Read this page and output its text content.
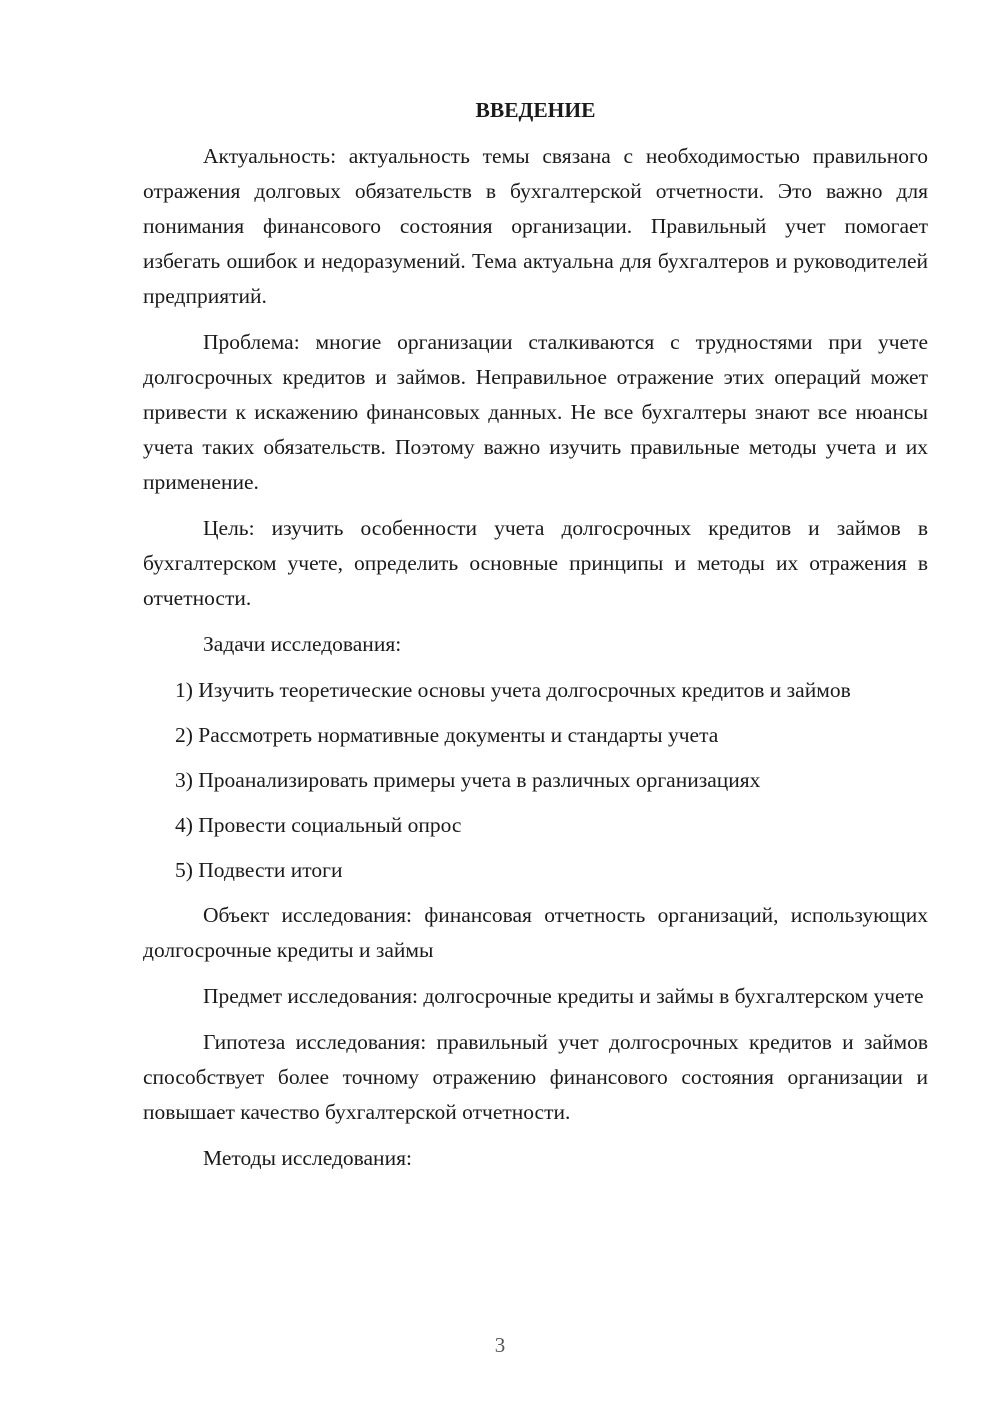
ВВЕДЕНИЕ

Актуальность: актуальность темы связана с необходимостью правильного отражения долговых обязательств в бухгалтерской отчетности. Это важно для понимания финансового состояния организации. Правильный учет помогает избегать ошибок и недоразумений. Тема актуальна для бухгалтеров и руководителей предприятий.

Проблема: многие организации сталкиваются с трудностями при учете долгосрочных кредитов и займов. Неправильное отражение этих операций может привести к искажению финансовых данных. Не все бухгалтеры знают все нюансы учета таких обязательств. Поэтому важно изучить правильные методы учета и их применение.

Цель: изучить особенности учета долгосрочных кредитов и займов в бухгалтерском учете, определить основные принципы и методы их отражения в отчетности.

Задачи исследования:

1) Изучить теоретические основы учета долгосрочных кредитов и займов

2) Рассмотреть нормативные документы и стандарты учета

3) Проанализировать примеры учета в различных организациях

4) Провести социальный опрос

5) Подвести итоги

Объект исследования: финансовая отчетность организаций, использующих долгосрочные кредиты и займы

Предмет исследования: долгосрочные кредиты и займы в бухгалтерском учете

Гипотеза исследования: правильный учет долгосрочных кредитов и займов способствует более точному отражению финансового состояния организации и повышает качество бухгалтерской отчетности.

Методы исследования:

3
